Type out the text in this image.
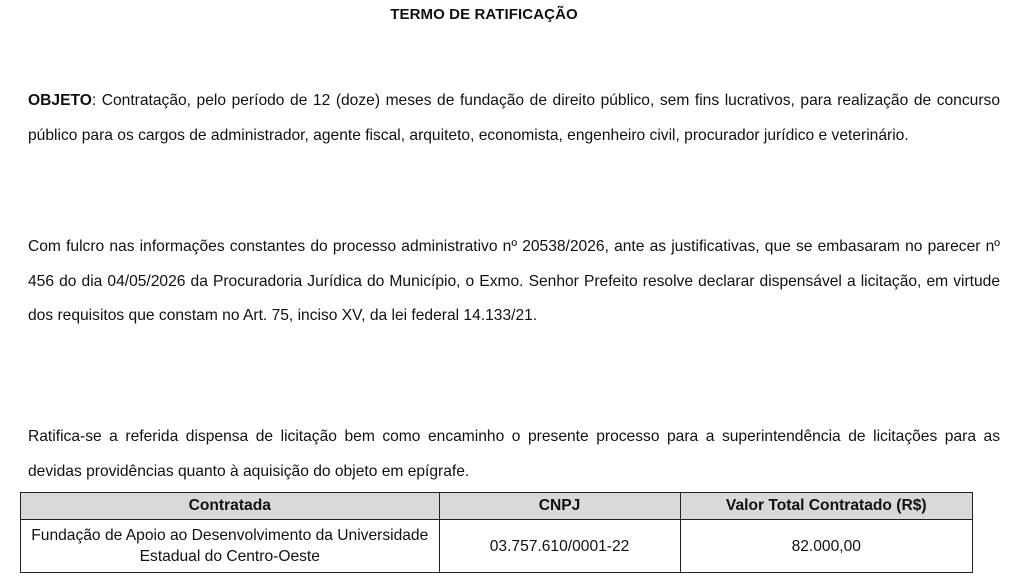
TERMO DE RATIFICAÇÃO
OBJETO: Contratação, pelo período de 12 (doze) meses de fundação de direito público, sem fins lucrativos, para realização de concurso público para os cargos de administrador, agente fiscal, arquiteto, economista, engenheiro civil, procurador jurídico e veterinário.
Com fulcro nas informações constantes do processo administrativo nº 20538/2026, ante as justificativas, que se embasaram no parecer nº 456 do dia 04/05/2026 da Procuradoria Jurídica do Município, o Exmo. Senhor Prefeito resolve declarar dispensável a licitação, em virtude dos requisitos que constam no Art. 75, inciso XV, da lei federal 14.133/21.
Ratifica-se a referida dispensa de licitação bem como encaminho o presente processo para a superintendência de licitações para as devidas providências quanto à aquisição do objeto em epígrafe.
Contratada	CNPJ	Valor Total Contratado (R$)
Fundação de Apoio ao Desenvolvimento da Universidade Estadual do Centro-Oeste	03.757.610/0001-22	82.000,00
